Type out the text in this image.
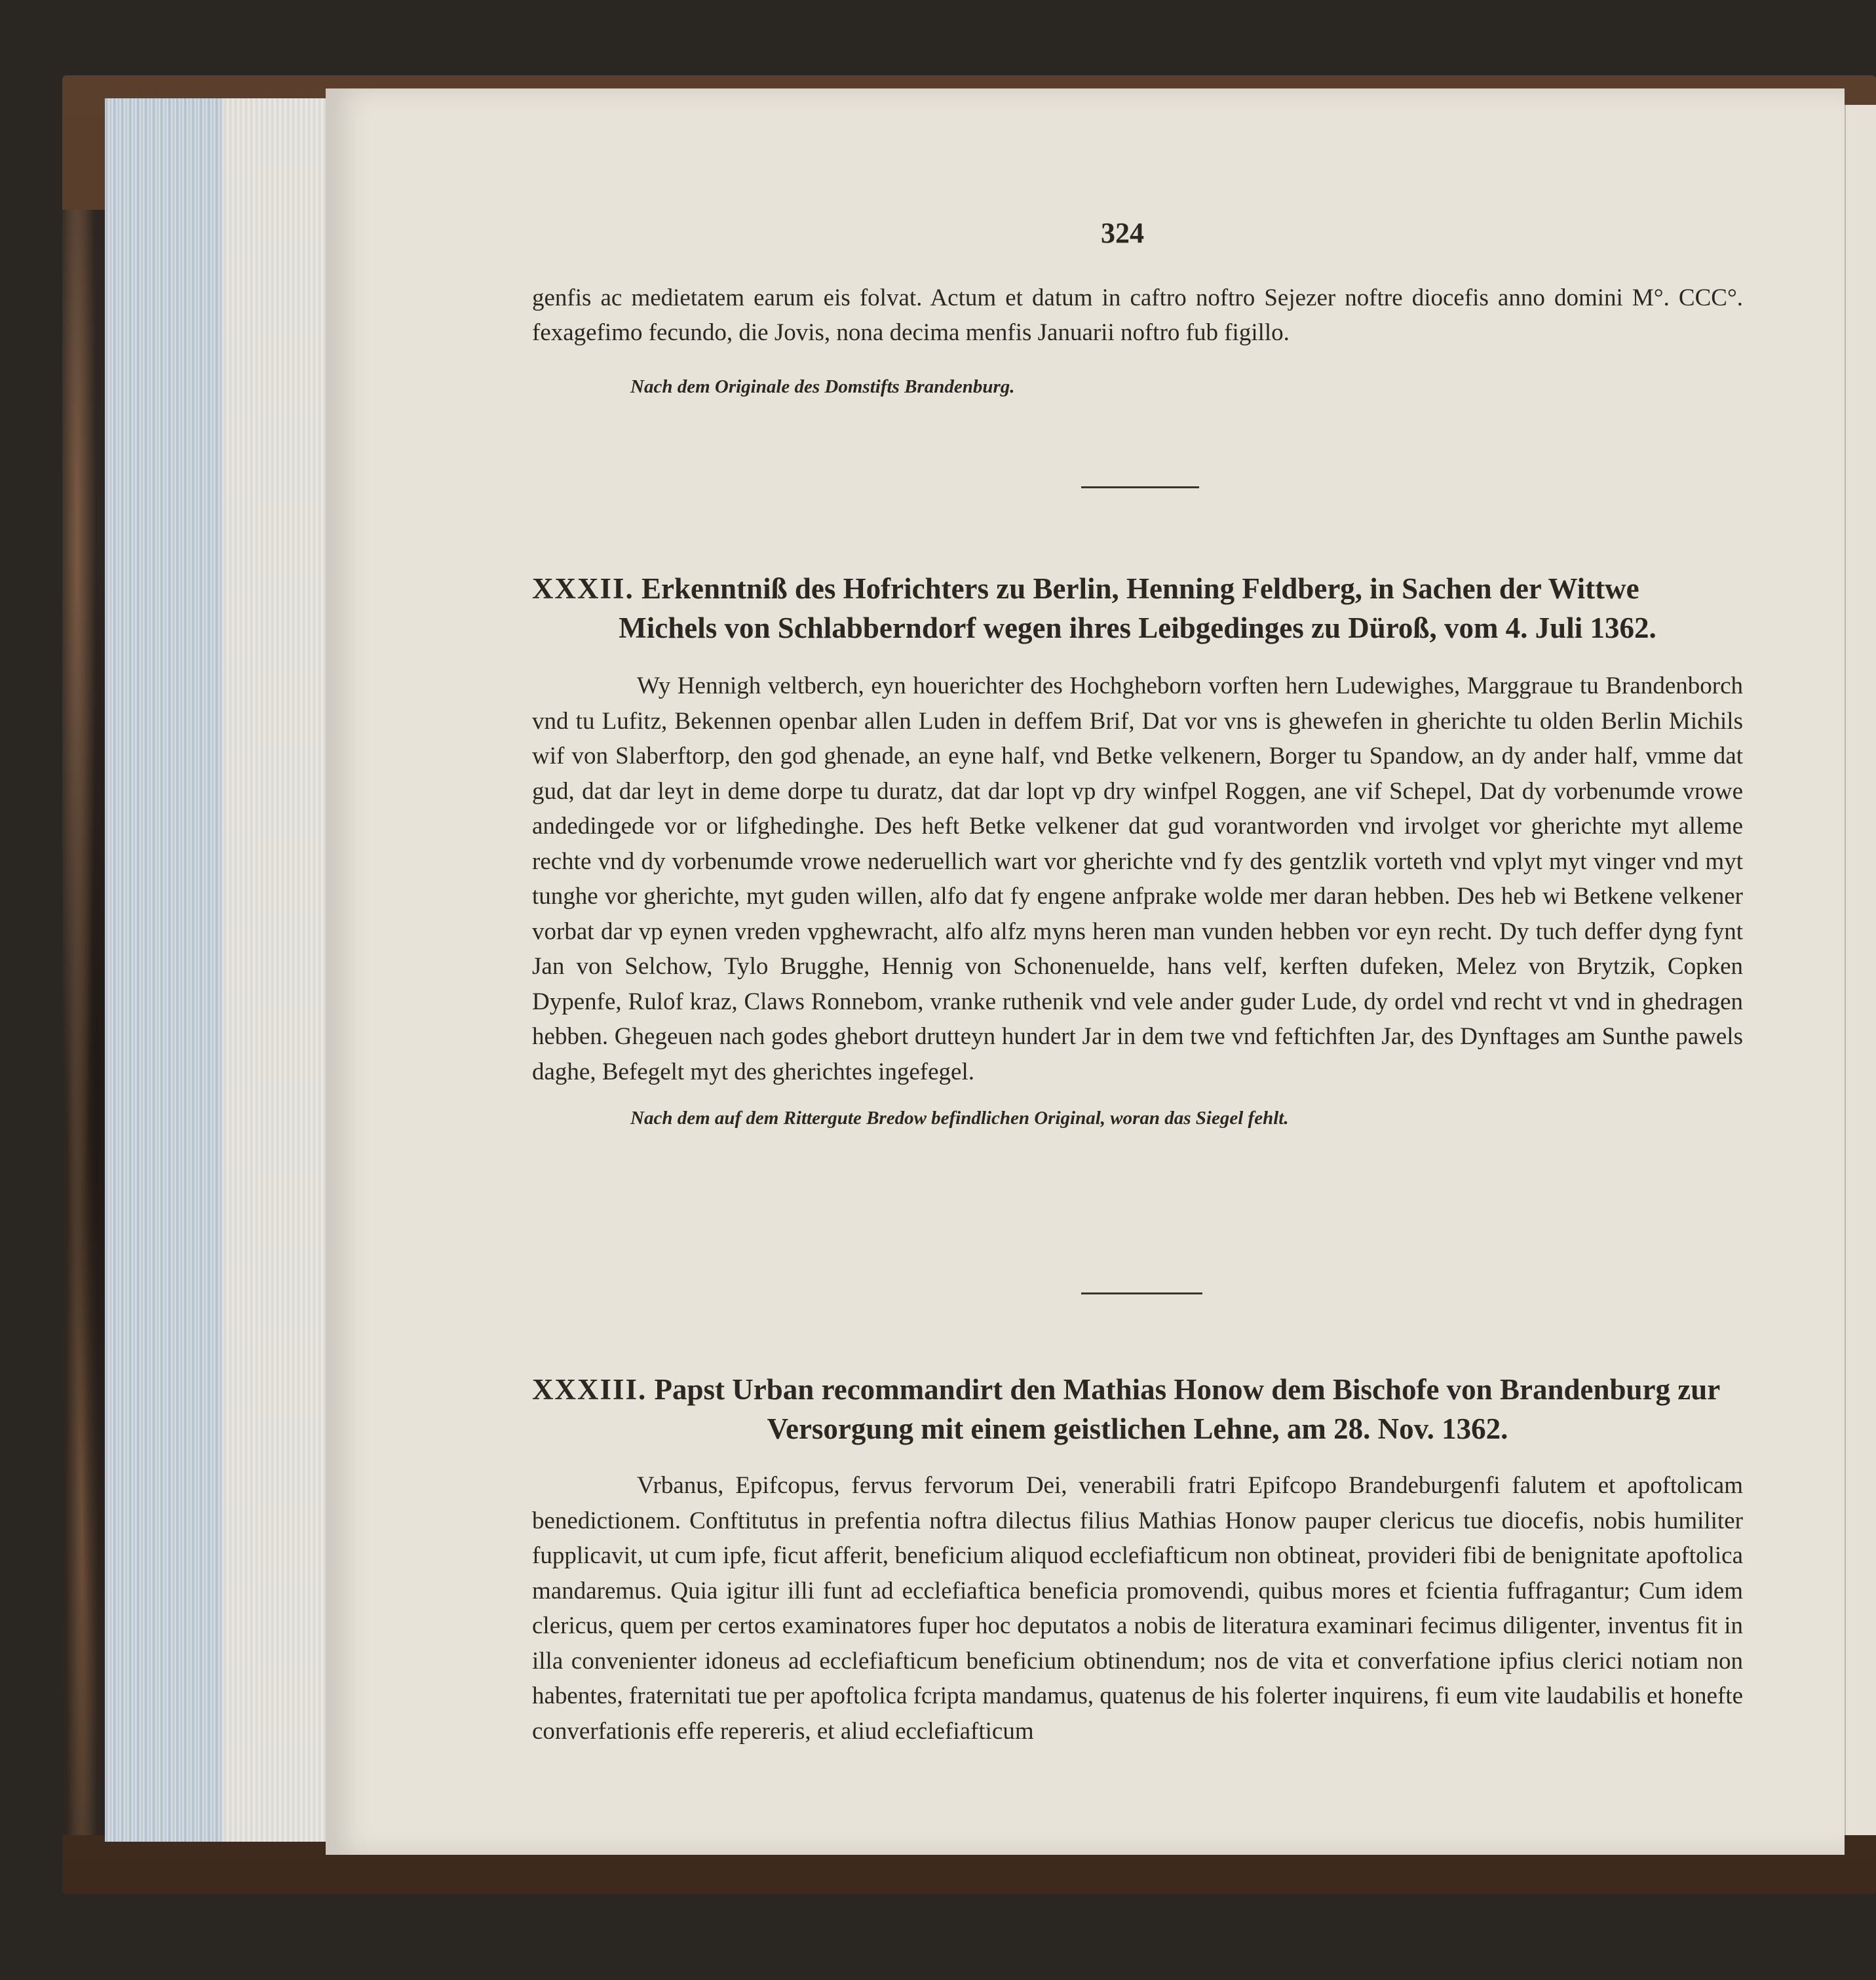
324

genfis ac medietatem earum eis folvat. Actum et datum in caftro noftro Sejezer noftre diocefis anno domini M°. CCC°. fexagefimo fecundo, die Jovis, nona decima menfis Januarii noftro fub figillo.

Nach dem Originale des Domstifts Brandenburg.

XXXII. Erkenntniß des Hofrichters zu Berlin, Henning Feldberg, in Sachen der Wittwe
Michels von Schlabberndorf wegen ihres Leibgedinges zu Düroß, vom 4. Juli 1362.

Wy Hennigh veltberch, eyn houerichter des Hochgheborn vorften hern Ludewighes, Marggraue tu Brandenborch vnd tu Lufitz, Bekennen openbar allen Luden in deffem Brif, Dat vor vns is ghewefen in gherichte tu olden Berlin Michils wif von Slaberftorp, den god ghenade, an eyne half, vnd Betke velkenern, Borger tu Spandow, an dy ander half, vmme dat gud, dat dar leyt in deme dorpe tu duratz, dat dar lopt vp dry winfpel Roggen, ane vif Schepel, Dat dy vorbenumde vrowe andedingede vor or lifghedinghe. Des heft Betke velkener dat gud vorantworden vnd irvolget vor gherichte myt alleme rechte vnd dy vorbenumde vrowe nederuellich wart vor gherichte vnd fy des gentzlik vorteth vnd vplyt myt vinger vnd myt tunghe vor gherichte, myt guden willen, alfo dat fy engene anfprake wolde mer daran hebben. Des heb wi Betkene velkener vorbat dar vp eynen vreden vpghewracht, alfo alfz myns heren man vunden hebben vor eyn recht. Dy tuch deffer dyng fynt Jan von Selchow, Tylo Brugghe, Hennig von Schonenuelde, hans velf, kerften dufeken, Melez von Brytzik, Copken Dypenfe, Rulof kraz, Claws Ronnebom, vranke ruthenik vnd vele ander guder Lude, dy ordel vnd recht vt vnd in ghedragen hebben. Ghegeuen nach godes ghebort drutteyn hundert Jar in dem twe vnd feftichften Jar, des Dynftages am Sunthe pawels daghe, Befegelt myt des gherichtes ingefegel.

Nach dem auf dem Rittergute Bredow befindlichen Original, woran das Siegel fehlt.

XXXIII. Papst Urban recommandirt den Mathias Honow dem Bischofe von Brandenburg zur
Versorgung mit einem geistlichen Lehne, am 28. Nov. 1362.

Vrbanus, Epifcopus, fervus fervorum Dei, venerabili fratri Epifcopo Brandeburgenfi falutem et apoftolicam benedictionem. Conftitutus in prefentia noftra dilectus filius Mathias Honow pauper clericus tue diocefis, nobis humiliter fupplicavit, ut cum ipfe, ficut afferit, beneficium aliquod ecclefiafticum non obtineat, provideri fibi de benignitate apoftolica mandaremus. Quia igitur illi funt ad ecclefiaftica beneficia promovendi, quibus mores et fcientia fuffragantur; Cum idem clericus, quem per certos examinatores fuper hoc deputatos a nobis de literatura examinari fecimus diligenter, inventus fit in illa convenienter idoneus ad ecclefiafticum beneficium obtinendum; nos de vita et converfatione ipfius clerici notiam non habentes, fraternitati tue per apoftolica fcripta mandamus, quatenus de his folerter inquirens, fi eum vite laudabilis et honefte converfationis effe repereris, et aliud ecclefiafticum
